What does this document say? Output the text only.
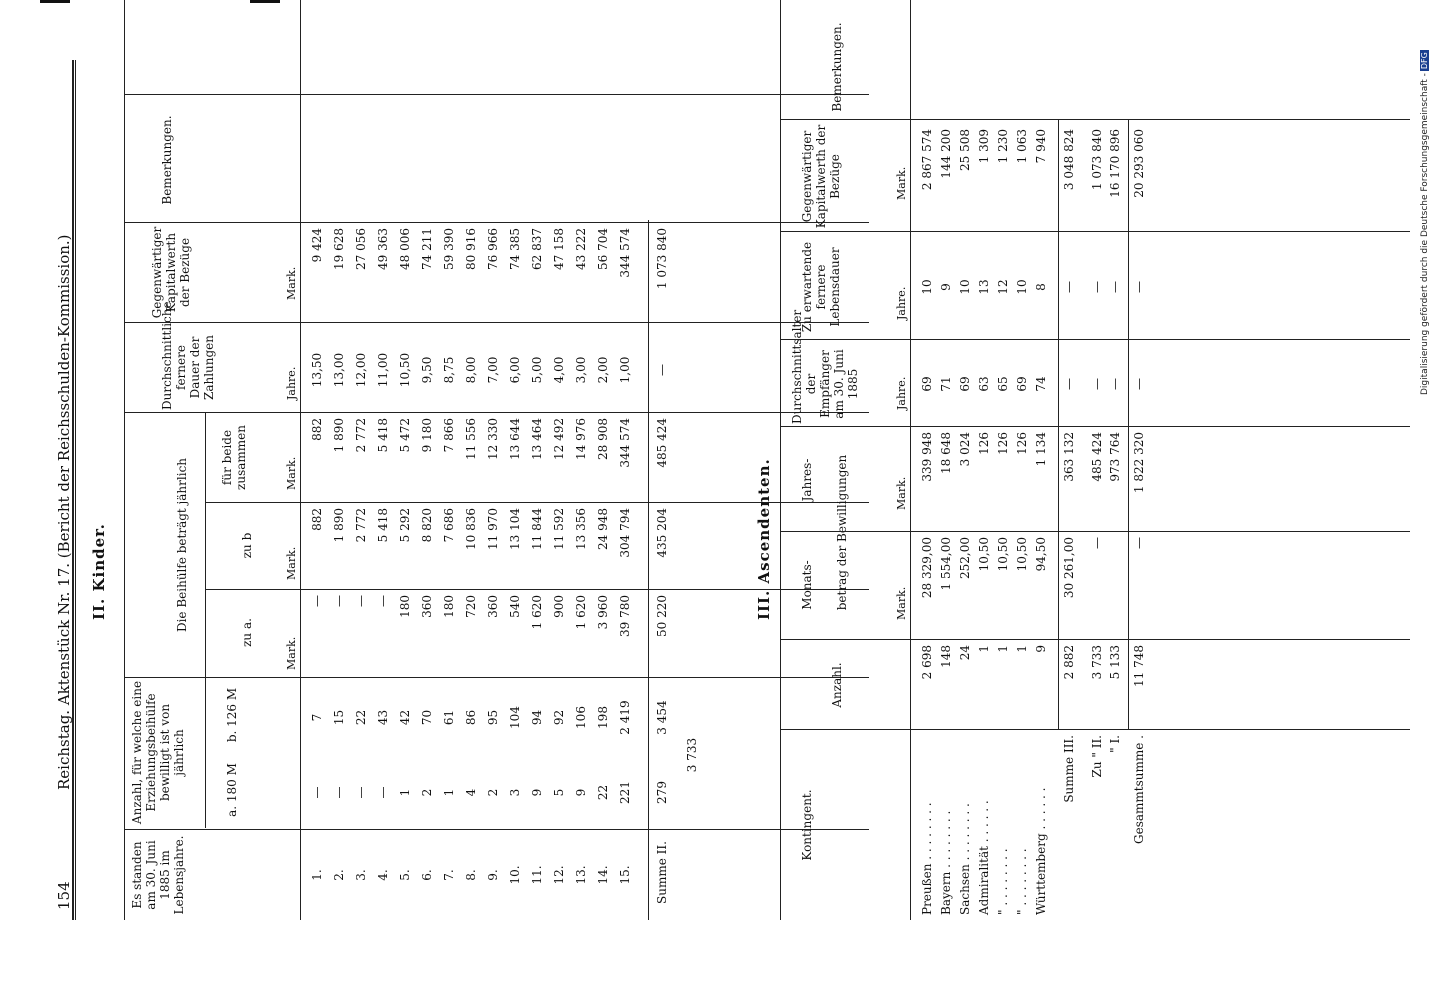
Digitalisierung gefördert durch die Deutsche Forschungsgemeinschaft -DFG
154
Reichstag. Aktenstück Nr. 17. (Bericht der Reichsschulden-Kommission.) II. Kinder.
Es standen am 30. Juni 1885 im Lebensjahre.
Anzahl, für welche eine Erziehungsbeihülfe bewilligt ist von jährlich
a. 180 M
b. 126 M
Die Beihülfe beträgt jährlich
zu a.
zu b
für beide zusammen
Durchschnittliche fernere Dauer der Zahlungen
Gegenwärtiger Kapitalwerth der Bezüge
Bemerkungen.
Mark.
Mark.
Mark.
Jahre.
Mark.
1.
—
7
—
882
882
13,50
9 424
2.
—
15
—
1 890
1 890
13,00
19 628
3.
—
22
—
2 772
2 772
12,00
27 056
4.
—
43
—
5 418
5 418
11,00
49 363
5.
1
42
180
5 292
5 472
10,50
48 006
6.
2
70
360
8 820
9 180
9,50
74 211
7.
1
61
180
7 686
7 866
8,75
59 390
8.
4
86
720
10 836
11 556
8,00
80 916
9.
2
95
360
11 970
12 330
7,00
76 966
10.
3
104
540
13 104
13 644
6,00
74 385
11.
9
94
1 620
11 844
13 464
5,00
62 837
12.
5
92
900
11 592
12 492
4,00
47 158
13.
9
106
1 620
13 356
14 976
3,00
43 222
14.
22
198
3 960
24 948
28 908
2,00
56 704
15.
221
2 419
39 780
304 794
344 574
1,00
344 574
Summe II.
279
3 454
3 733
50 220
435 204
485 424
—
1 073 840
III. Ascendenten.
Kontingent.
Anzahl.
Monats-
Jahres- betrag der Bewilligungen
Durchschnittsalter der Empfänger am 30. Juni 1885
Zu erwartende fernere Lebensdauer
Gegenwärtiger Kapitalwerth der Bezüge
Bemerkungen.
Mark.
Mark.
Jahre.
Jahre.
Mark.
Preußen . . . . . . . .
2 698
28 329,00
339 948
69
10
2 867 574
Bayern . . . . . . . .
148
1 554,00
18 648
71
9
144 200
Sachsen . . . . . . . .
24
252,00
3 024
69
10
25 508
Admiralität . . . . . .
1
10,50
126
63
13
1 309
" . . . . . . . .
1
10,50
126
65
12
1 230
" . . . . . . . .
1
10,50
126
69
10
1 063
Württemberg . . . . . .
9
94,50
1 134
74
8
7 940
Summe III.
2 882
30 261,00
363 132
—
—
3 048 824
Zu " II.
3 733
—
485 424
—
—
1 073 840
" I.
5 133
973 764
—
—
16 170 896
Gesammtsumme .
11 748
—
1 822 320
—
—
20 293 060
